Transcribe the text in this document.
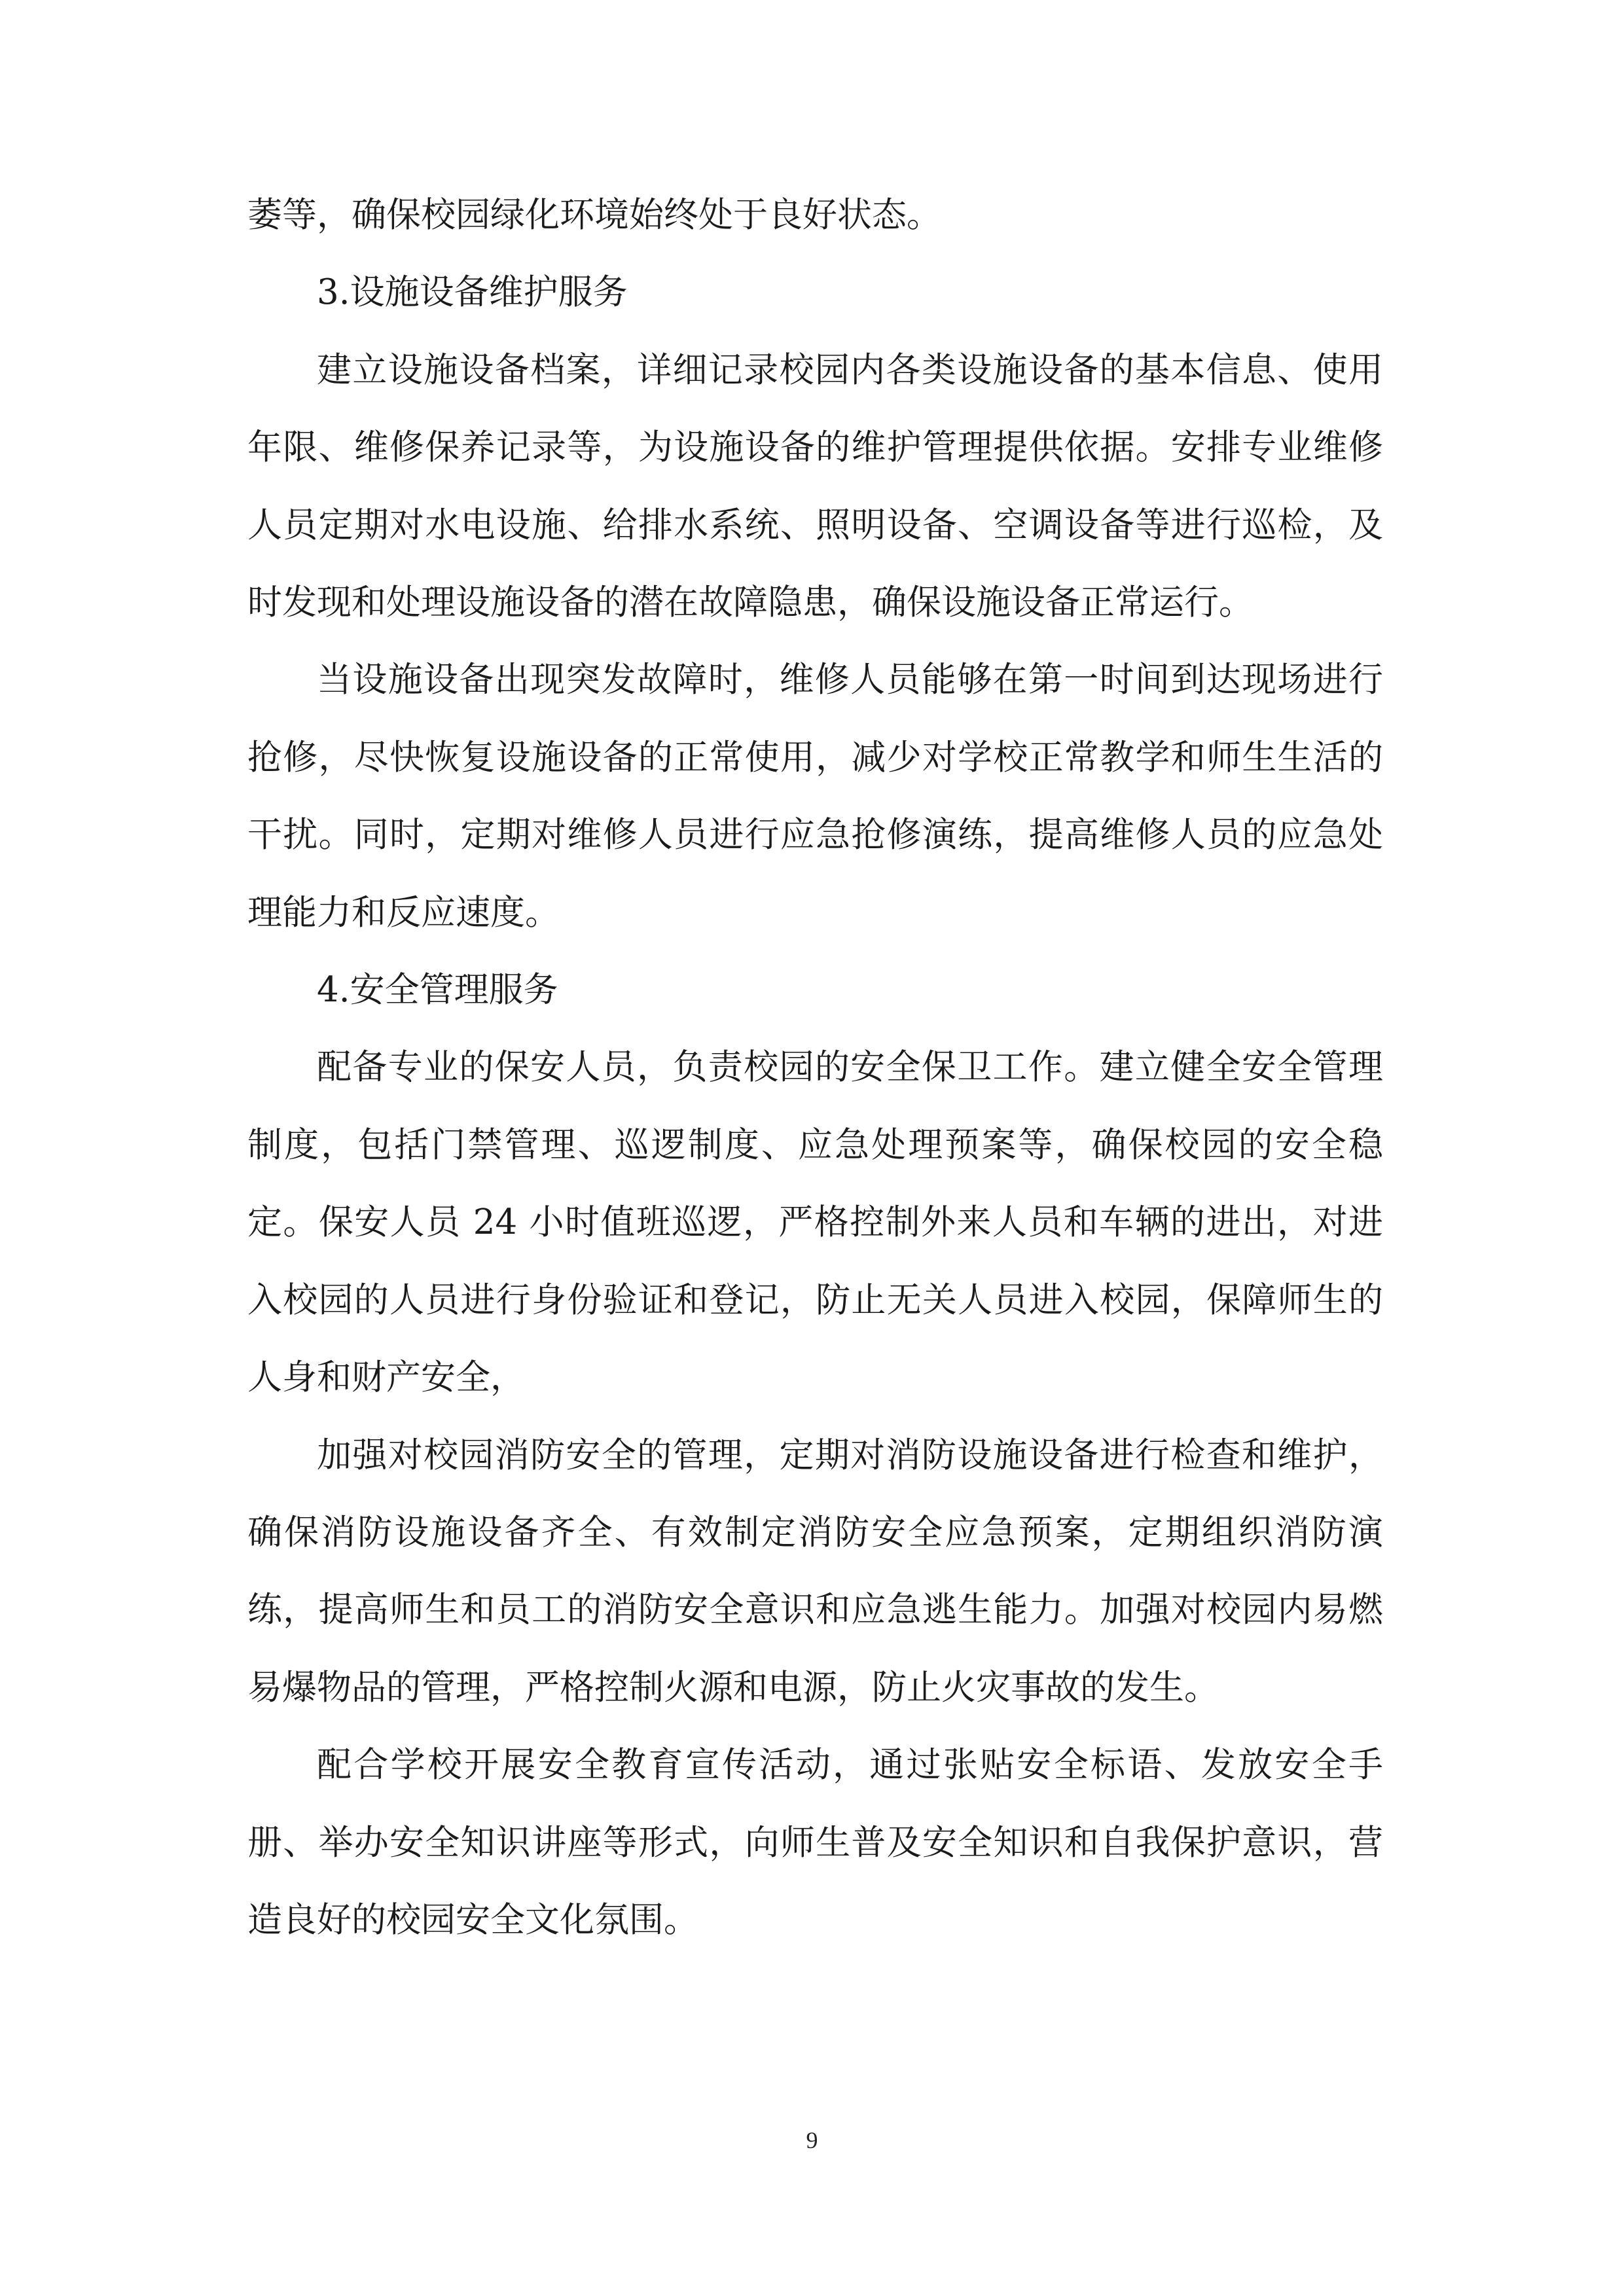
萎等，确保校园绿化环境始终处于良好状态。

3.设施设备维护服务

建立设施设备档案，详细记录校园内各类设施设备的基本信息、使用年限、维修保养记录等，为设施设备的维护管理提供依据。安排专业维修人员定期对水电设施、给排水系统、照明设备、空调设备等进行巡检，及时发现和处理设施设备的潜在故障隐患，确保设施设备正常运行。

当设施设备出现突发故障时，维修人员能够在第一时间到达现场进行抢修，尽快恢复设施设备的正常使用，减少对学校正常教学和师生生活的干扰。同时，定期对维修人员进行应急抢修演练，提高维修人员的应急处理能力和反应速度。

4.安全管理服务

配备专业的保安人员，负责校园的安全保卫工作。建立健全安全管理制度，包括门禁管理、巡逻制度、应急处理预案等，确保校园的安全稳定。保安人员 24 小时值班巡逻，严格控制外来人员和车辆的进出，对进入校园的人员进行身份验证和登记，防止无关人员进入校园，保障师生的人身和财产安全，

加强对校园消防安全的管理，定期对消防设施设备进行检查和维护，确保消防设施设备齐全、有效制定消防安全应急预案，定期组织消防演练，提高师生和员工的消防安全意识和应急逃生能力。加强对校园内易燃易爆物品的管理，严格控制火源和电源，防止火灾事故的发生。

配合学校开展安全教育宣传活动，通过张贴安全标语、发放安全手册、举办安全知识讲座等形式，向师生普及安全知识和自我保护意识，营造良好的校园安全文化氛围。

9
